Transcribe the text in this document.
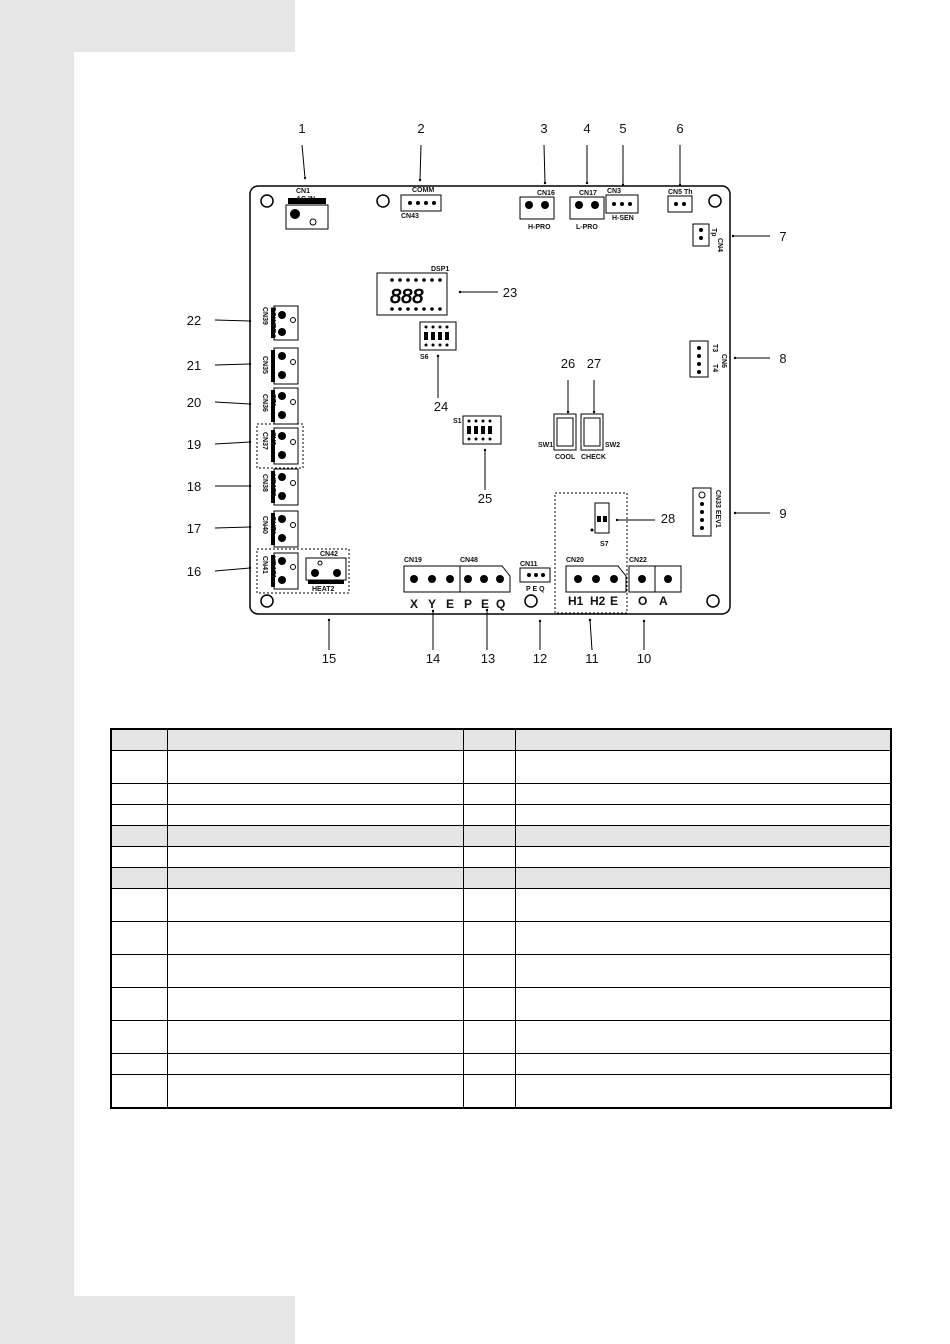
CN1
AC IN
COMM
CN43
CN16
H-PRO
CN17
L-PRO
CN3
H-SEN
CN5 Th
CN4
Tp
T3
CN6
T4
CN33 EEV1
888
DSP1
S6
S1
SW1
COOL
SW2
CHECK
S7
CN39 POWER4
CN35
CN36 ST1
CN37 SV2
CN38 HEAT3
CN40 OUT1
CN41 HEAT1
CN42
HEAT2
CN19
X Y E
CN48
P E Q
CN11
P E Q
CN20
H1 H2 E
CN22
O A
1	2	3	4 5	6
7
8
9
10
11
12
13
14
15
16
17
18
19
20
21
22
23
24
25
26 27
28
